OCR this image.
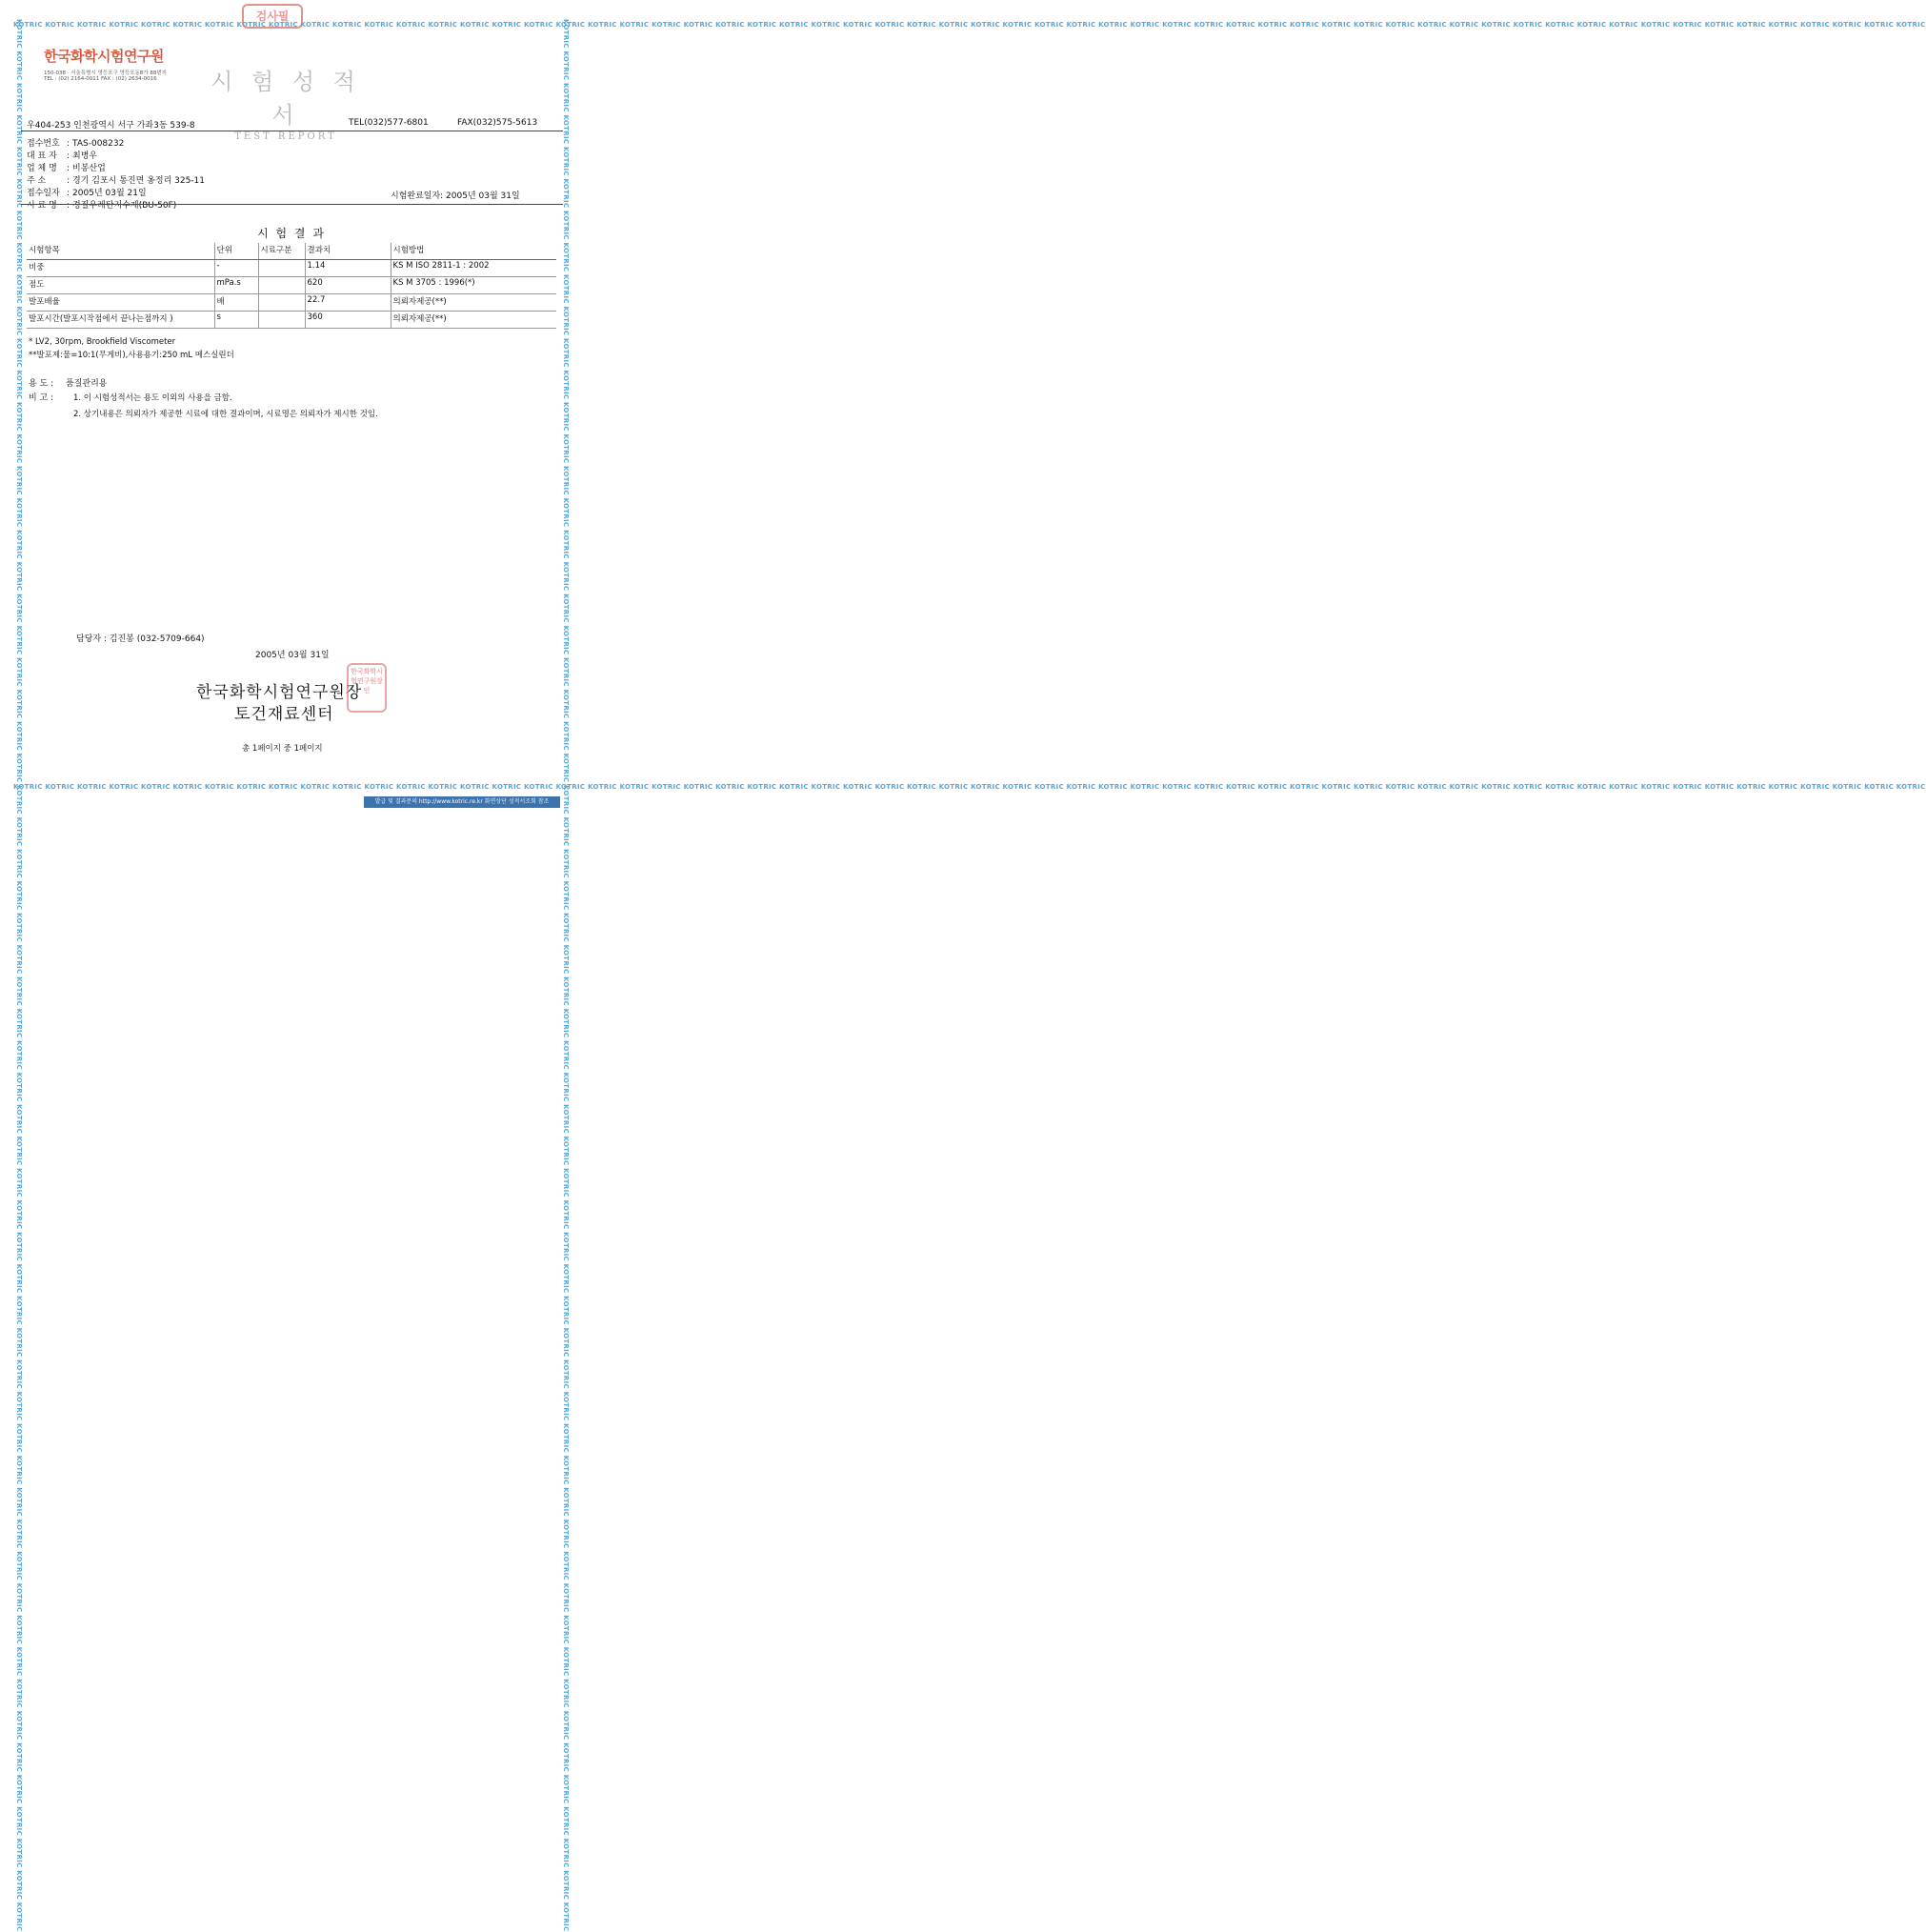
KOTRIC KOTRIC KOTRIC KOTRIC KOTRIC KOTRIC KOTRIC KOTRIC KOTRIC KOTRIC KOTRIC KOTRIC KOTRIC KOTRIC KOTRIC KOTRIC KOTRIC KOTRIC KOTRIC KOTRIC KOTRIC KOTRIC KOTRIC KOTRIC KOTRIC KOTRIC KOTRIC KOTRIC KOTRIC KOTRIC KOTRIC KOTRIC KOTRIC KOTRIC KOTRIC KOTRIC KOTRIC KOTRIC KOTRIC KOTRIC KOTRIC KOTRIC KOTRIC KOTRIC KOTRIC KOTRIC KOTRIC KOTRIC KOTRIC KOTRIC KOTRIC KOTRIC KOTRIC KOTRIC KOTRIC KOTRIC KOTRIC KOTRIC KOTRIC KOTRIC
KOTRIC KOTRIC KOTRIC KOTRIC KOTRIC KOTRIC KOTRIC KOTRIC KOTRIC KOTRIC KOTRIC KOTRIC KOTRIC KOTRIC KOTRIC KOTRIC KOTRIC KOTRIC KOTRIC KOTRIC KOTRIC KOTRIC KOTRIC KOTRIC KOTRIC KOTRIC KOTRIC KOTRIC KOTRIC KOTRIC KOTRIC KOTRIC KOTRIC KOTRIC KOTRIC KOTRIC KOTRIC KOTRIC KOTRIC KOTRIC KOTRIC KOTRIC KOTRIC KOTRIC KOTRIC KOTRIC KOTRIC KOTRIC KOTRIC KOTRIC KOTRIC KOTRIC KOTRIC KOTRIC KOTRIC KOTRIC KOTRIC KOTRIC KOTRIC KOTRIC
KOTRIC KOTRIC KOTRIC KOTRIC KOTRIC KOTRIC KOTRIC KOTRIC KOTRIC KOTRIC KOTRIC KOTRIC KOTRIC KOTRIC KOTRIC KOTRIC KOTRIC KOTRIC KOTRIC KOTRIC KOTRIC KOTRIC KOTRIC KOTRIC KOTRIC KOTRIC KOTRIC KOTRIC KOTRIC KOTRIC KOTRIC KOTRIC KOTRIC KOTRIC KOTRIC KOTRIC KOTRIC KOTRIC KOTRIC KOTRIC KOTRIC KOTRIC KOTRIC KOTRIC KOTRIC KOTRIC KOTRIC KOTRIC KOTRIC KOTRIC KOTRIC KOTRIC KOTRIC KOTRIC KOTRIC KOTRIC KOTRIC KOTRIC KOTRIC KOTRIC	KOTRIC KOTRIC KOTRIC KOTRIC KOTRIC KOTRIC KOTRIC KOTRIC KOTRIC KOTRIC KOTRIC KOTRIC KOTRIC KOTRIC KOTRIC KOTRIC KOTRIC KOTRIC KOTRIC KOTRIC KOTRIC KOTRIC KOTRIC KOTRIC KOTRIC KOTRIC KOTRIC KOTRIC KOTRIC KOTRIC KOTRIC KOTRIC KOTRIC KOTRIC KOTRIC KOTRIC KOTRIC KOTRIC KOTRIC KOTRIC KOTRIC KOTRIC KOTRIC KOTRIC KOTRIC KOTRIC KOTRIC KOTRIC KOTRIC KOTRIC KOTRIC KOTRIC KOTRIC KOTRIC KOTRIC KOTRIC KOTRIC KOTRIC KOTRIC KOTRIC
검사필
한국화학시험연구원
150-038 · 서울특별시 영등포구 영등포동8가 88번지
TEL : (02) 2164-0011 FAX : (02) 2634-0016	시 험 성 적 서
TEST REPORT
우404-253 인천광역시 서구 가좌3동 539-8	TEL(032)577-6801	FAX(032)575-5613
접수번호 : TAS-008232
대 표 자 : 최병우
업 체 명 : 비봉산업
주 소 : 경기 김포시 통진면 옹정리 325-11
접수일자 : 2005년 03월 21일
시 료 명 : 경질우레탄지수제(BU-50F)
시험완료일자: 2005년 03월 31일
시 험 결 과
시험항목	단위	시료구분	결과치	시험방법
비중	-		1.14	KS M ISO 2811-1 : 2002
점도	mPa.s		620	KS M 3705 : 1996(*)
발포배율	배		22.7	의뢰자제공(**)
발포시간(발포시작점에서 끝나는점까지 )	s		360	의뢰자제공(**)
* LV2, 30rpm, Brookfield Viscometer
**발포제:물=10:1(무게비),사용용기:250 mL 메스실린더
용 도 : 품질관리용
비 고 : 1. 이 시험성적서는 용도 이외의 사용을 금함.
2. 상기내용은 의뢰자가 제공한 시료에 대한 결과이며, 시료명은 의뢰자가 제시한 것임.
담당자 : 김진봉 (032-5709-664)
2005년 03월 31일
한국화학시험연구원장
토건재료센터
한국화학시험연구원장인
총 1페이지 중 1페이지
발급 및 결과문의 http://www.kotric.re.kr 화면상단 성적서조회 참조
